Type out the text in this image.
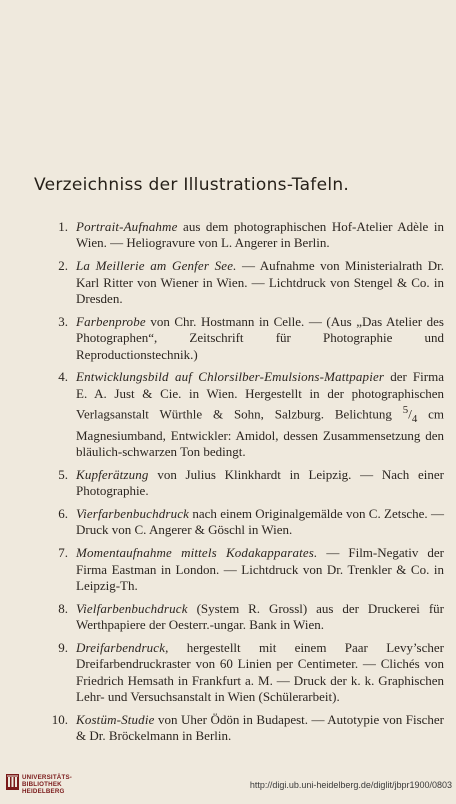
Verzeichniss der Illustrations-Tafeln.
1. Portrait-Aufnahme aus dem photographischen Hof-Atelier Adèle in Wien. — Heliogravure von L. Angerer in Berlin.
2. La Meillerie am Genfer See. — Aufnahme von Ministerialrath Dr. Karl Ritter von Wiener in Wien. — Lichtdruck von Stengel & Co. in Dresden.
3. Farbenprobe von Chr. Hostmann in Celle. — (Aus „Das Atelier des Photographen“, Zeitschrift für Photographie und Reproductionstechnik.)
4. Entwicklungsbild auf Chlorsilber-Emulsions-Mattpapier der Firma E. A. Just & Cie. in Wien. Hergestellt in der photographischen Verlagsanstalt Würthle & Sohn, Salzburg. Belichtung $^5/_4$ cm Magnesiumband, Entwickler: Amidol, dessen Zusammensetzung den bläulich-schwarzen Ton bedingt.
5. Kupferätzung von Julius Klinkhardt in Leipzig. — Nach einer Photographie.
6. Vierfarbenbuchdruck nach einem Originalgemälde von C. Zetsche. — Druck von C. Angerer & Göschl in Wien.
7. Momentaufnahme mittels Kodakapparates. — Film-Negativ der Firma Eastman in London. — Lichtdruck von Dr. Trenkler & Co. in Leipzig-Th.
8. Vielfarbenbuchdruck (System R. Grossl) aus der Druckerei für Werthpapiere der Oesterr.-ungar. Bank in Wien.
9. Dreifarbendruck, hergestellt mit einem Paar Levy’scher Dreifarbendruckraster von 60 Linien per Centimeter. — Clichés von Friedrich Hemsath in Frankfurt a. M. — Druck der k. k. Graphischen Lehr- und Versuchsanstalt in Wien (Schülerarbeit).
10. Kostüm-Studie von Uher Ödön in Budapest. — Autotypie von Fischer & Dr. Bröckelmann in Berlin.
UNIVERSITÄTS-
BIBLIOTHEK
HEIDELBERG
http://digi.ub.uni-heidelberg.de/diglit/jbpr1900/0803
